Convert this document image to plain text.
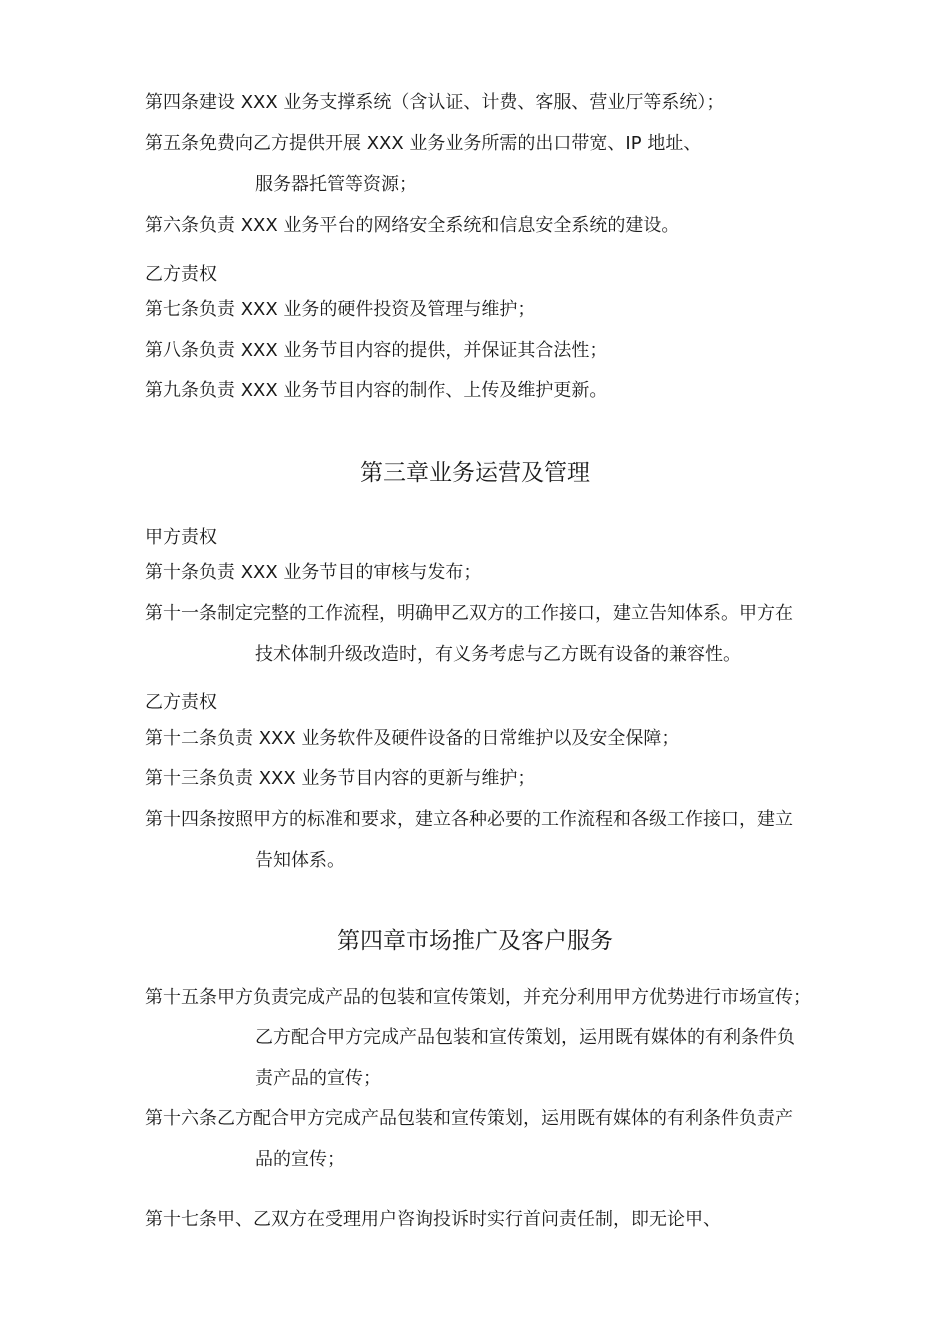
第四条建设 XXX 业务支撑系统（含认证、计费、客服、营业厅等系统）；
第五条免费向乙方提供开展 XXX 业务业务所需的出口带宽、IP 地址、
服务器托管等资源；
第六条负责 XXX 业务平台的网络安全系统和信息安全系统的建设。
乙方责权
第七条负责 XXX 业务的硬件投资及管理与维护；
第八条负责 XXX 业务节目内容的提供，并保证其合法性；
第九条负责 XXX 业务节目内容的制作、上传及维护更新。
第三章业务运营及管理
甲方责权
第十条负责 XXX 业务节目的审核与发布；
第十一条制定完整的工作流程，明确甲乙双方的工作接口，建立告知体系。甲方在
技术体制升级改造时，有义务考虑与乙方既有设备的兼容性。
乙方责权
第十二条负责 XXX 业务软件及硬件设备的日常维护以及安全保障；
第十三条负责 XXX 业务节目内容的更新与维护；
第十四条按照甲方的标准和要求，建立各种必要的工作流程和各级工作接口，建立
告知体系。
第四章市场推广及客户服务
第十五条甲方负责完成产品的包装和宣传策划，并充分利用甲方优势进行市场宣传；
乙方配合甲方完成产品包装和宣传策划，运用既有媒体的有利条件负
责产品的宣传；
第十六条乙方配合甲方完成产品包装和宣传策划，运用既有媒体的有利条件负责产
品的宣传；
第十七条甲、乙双方在受理用户咨询投诉时实行首问责任制，即无论甲、
